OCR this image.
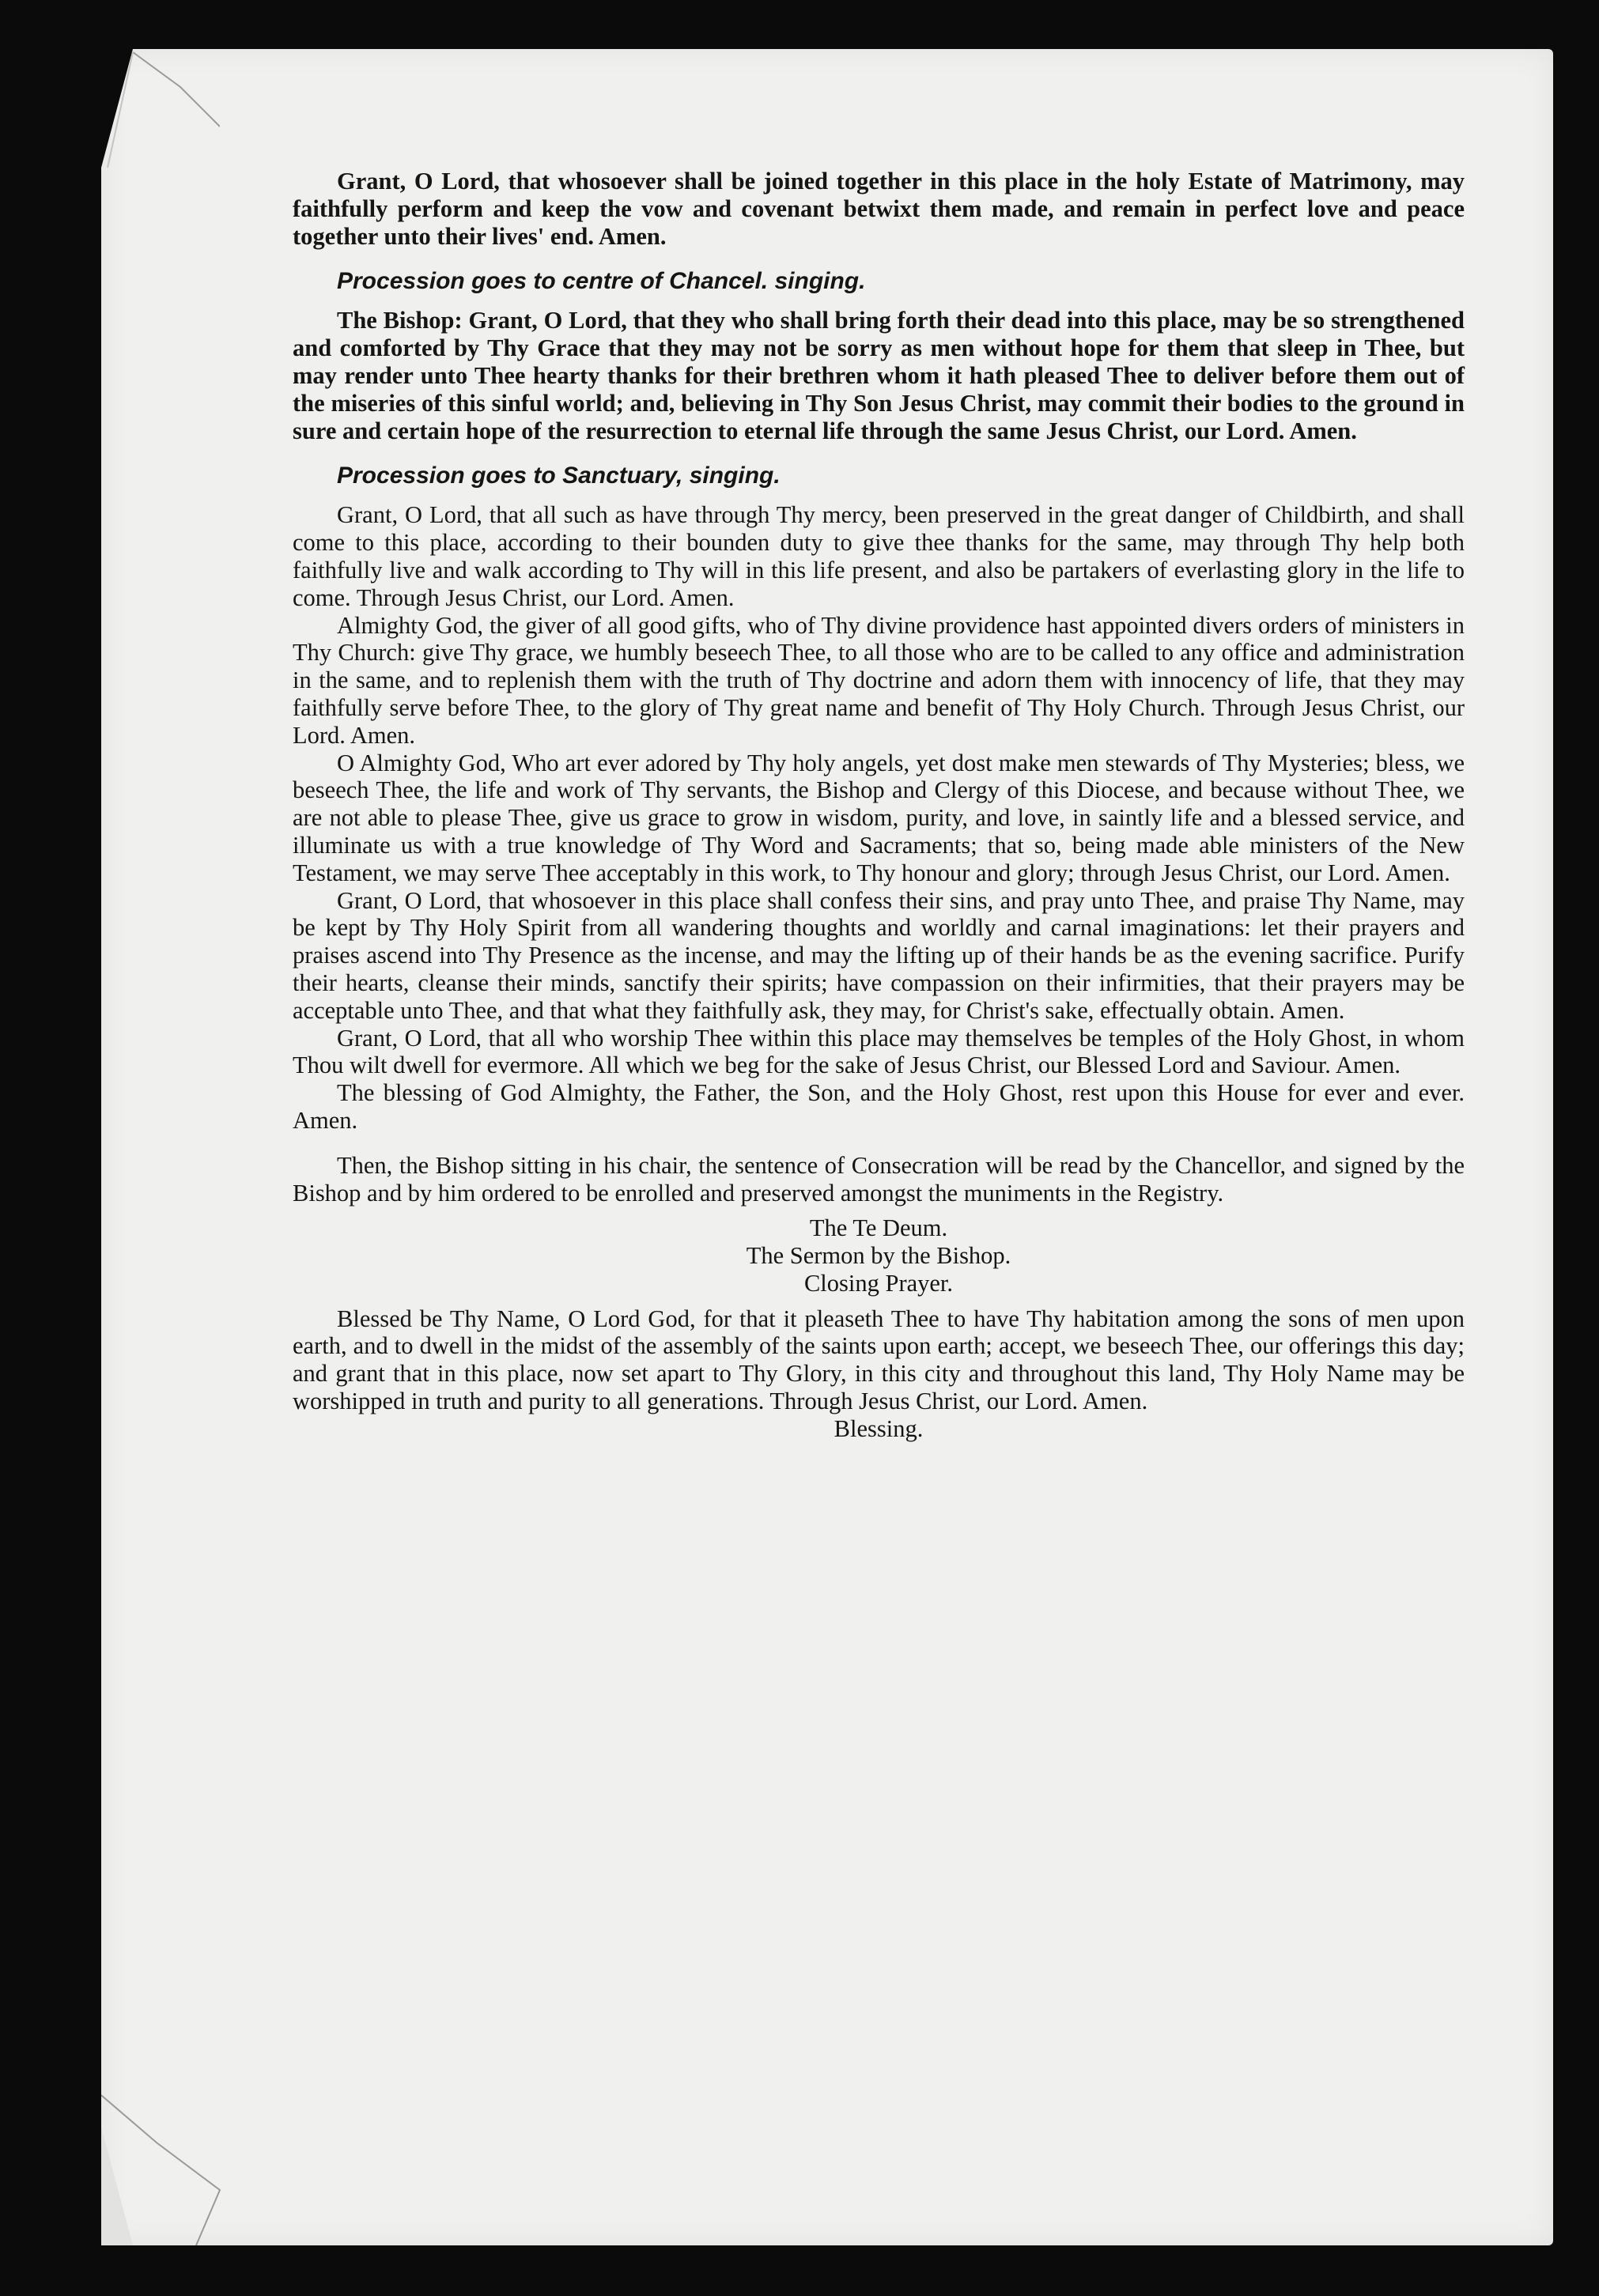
Grant, O Lord, that whosoever shall be joined together in this place in the holy Estate of Matrimony, may faithfully perform and keep the vow and covenant betwixt them made, and remain in perfect love and peace together unto their lives' end. Amen.

Procession goes to centre of Chancel. singing.

The Bishop: Grant, O Lord, that they who shall bring forth their dead into this place, may be so strengthened and comforted by Thy Grace that they may not be sorry as men without hope for them that sleep in Thee, but may render unto Thee hearty thanks for their brethren whom it hath pleased Thee to deliver before them out of the miseries of this sinful world; and, believing in Thy Son Jesus Christ, may commit their bodies to the ground in sure and certain hope of the resurrection to eternal life through the same Jesus Christ, our Lord. Amen.

Procession goes to Sanctuary, singing.

Grant, O Lord, that all such as have through Thy mercy, been preserved in the great danger of Childbirth, and shall come to this place, according to their bounden duty to give thee thanks for the same, may through Thy help both faithfully live and walk according to Thy will in this life present, and also be partakers of everlasting glory in the life to come. Through Jesus Christ, our Lord. Amen.

Almighty God, the giver of all good gifts, who of Thy divine providence hast appointed divers orders of ministers in Thy Church: give Thy grace, we humbly beseech Thee, to all those who are to be called to any office and administration in the same, and to replenish them with the truth of Thy doctrine and adorn them with innocency of life, that they may faithfully serve before Thee, to the glory of Thy great name and benefit of Thy Holy Church. Through Jesus Christ, our Lord. Amen.

O Almighty God, Who art ever adored by Thy holy angels, yet dost make men stewards of Thy Mysteries; bless, we beseech Thee, the life and work of Thy servants, the Bishop and Clergy of this Diocese, and because without Thee, we are not able to please Thee, give us grace to grow in wisdom, purity, and love, in saintly life and a blessed service, and illuminate us with a true knowledge of Thy Word and Sacraments; that so, being made able ministers of the New Testament, we may serve Thee acceptably in this work, to Thy honour and glory; through Jesus Christ, our Lord. Amen.

Grant, O Lord, that whosoever in this place shall confess their sins, and pray unto Thee, and praise Thy Name, may be kept by Thy Holy Spirit from all wandering thoughts and worldly and carnal imaginations: let their prayers and praises ascend into Thy Presence as the incense, and may the lifting up of their hands be as the evening sacrifice. Purify their hearts, cleanse their minds, sanctify their spirits; have compassion on their infirmities, that their prayers may be acceptable unto Thee, and that what they faithfully ask, they may, for Christ's sake, effectually obtain. Amen.

Grant, O Lord, that all who worship Thee within this place may themselves be temples of the Holy Ghost, in whom Thou wilt dwell for evermore. All which we beg for the sake of Jesus Christ, our Blessed Lord and Saviour. Amen.

The blessing of God Almighty, the Father, the Son, and the Holy Ghost, rest upon this House for ever and ever. Amen.

Then, the Bishop sitting in his chair, the sentence of Consecration will be read by the Chancellor, and signed by the Bishop and by him ordered to be enrolled and preserved amongst the muniments in the Registry.

The Te Deum.

The Sermon by the Bishop.

Closing Prayer.

Blessed be Thy Name, O Lord God, for that it pleaseth Thee to have Thy habitation among the sons of men upon earth, and to dwell in the midst of the assembly of the saints upon earth; accept, we beseech Thee, our offerings this day; and grant that in this place, now set apart to Thy Glory, in this city and throughout this land, Thy Holy Name may be worshipped in truth and purity to all generations. Through Jesus Christ, our Lord. Amen.

Blessing.
